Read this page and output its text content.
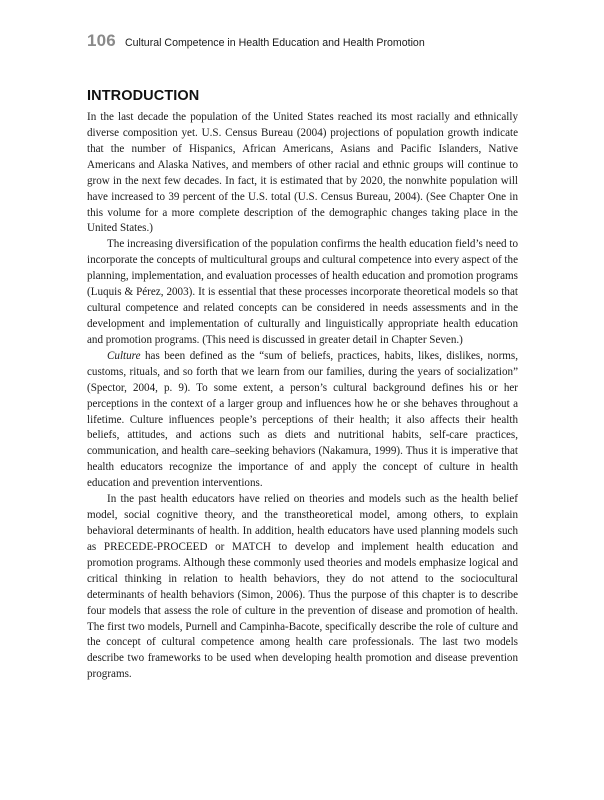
106 Cultural Competence in Health Education and Health Promotion
INTRODUCTION

In the last decade the population of the United States reached its most racially and ethnically diverse composition yet. U.S. Census Bureau (2004) projections of population growth indicate that the number of Hispanics, African Americans, Asians and Pacific Islanders, Native Americans and Alaska Natives, and members of other racial and ethnic groups will continue to grow in the next few decades. In fact, it is estimated that by 2020, the nonwhite population will have increased to 39 percent of the U.S. total (U.S. Census Bureau, 2004). (See Chapter One in this volume for a more complete description of the demographic changes taking place in the United States.)

The increasing diversification of the population confirms the health education field’s need to incorporate the concepts of multicultural groups and cultural competence into every aspect of the planning, implementation, and evaluation processes of health education and promotion programs (Luquis & Pérez, 2003). It is essential that these processes incorporate theoretical models so that cultural competence and related concepts can be considered in needs assessments and in the development and implementation of culturally and linguistically appropriate health education and promotion programs. (This need is discussed in greater detail in Chapter Seven.)

Culture has been defined as the “sum of beliefs, practices, habits, likes, dislikes, norms, customs, rituals, and so forth that we learn from our families, during the years of socialization” (Spector, 2004, p. 9). To some extent, a person’s cultural background defines his or her perceptions in the context of a larger group and influences how he or she behaves throughout a lifetime. Culture influences people’s perceptions of their health; it also affects their health beliefs, attitudes, and actions such as diets and nutritional habits, self-care practices, communication, and health care–seeking behaviors (Nakamura, 1999). Thus it is imperative that health educators recognize the importance of and apply the concept of culture in health education and prevention interventions.

In the past health educators have relied on theories and models such as the health belief model, social cognitive theory, and the transtheoretical model, among others, to explain behavioral determinants of health. In addition, health educators have used planning models such as PRECEDE-PROCEED or MATCH to develop and implement health education and promotion programs. Although these commonly used theories and models emphasize logical and critical thinking in relation to health behaviors, they do not attend to the sociocultural determinants of health behaviors (Simon, 2006). Thus the purpose of this chapter is to describe four models that assess the role of culture in the prevention of disease and promotion of health. The first two models, Purnell and Campinha-Bacote, specifically describe the role of culture and the concept of cultural competence among health care professionals. The last two models describe two frameworks to be used when developing health promotion and disease prevention programs.
